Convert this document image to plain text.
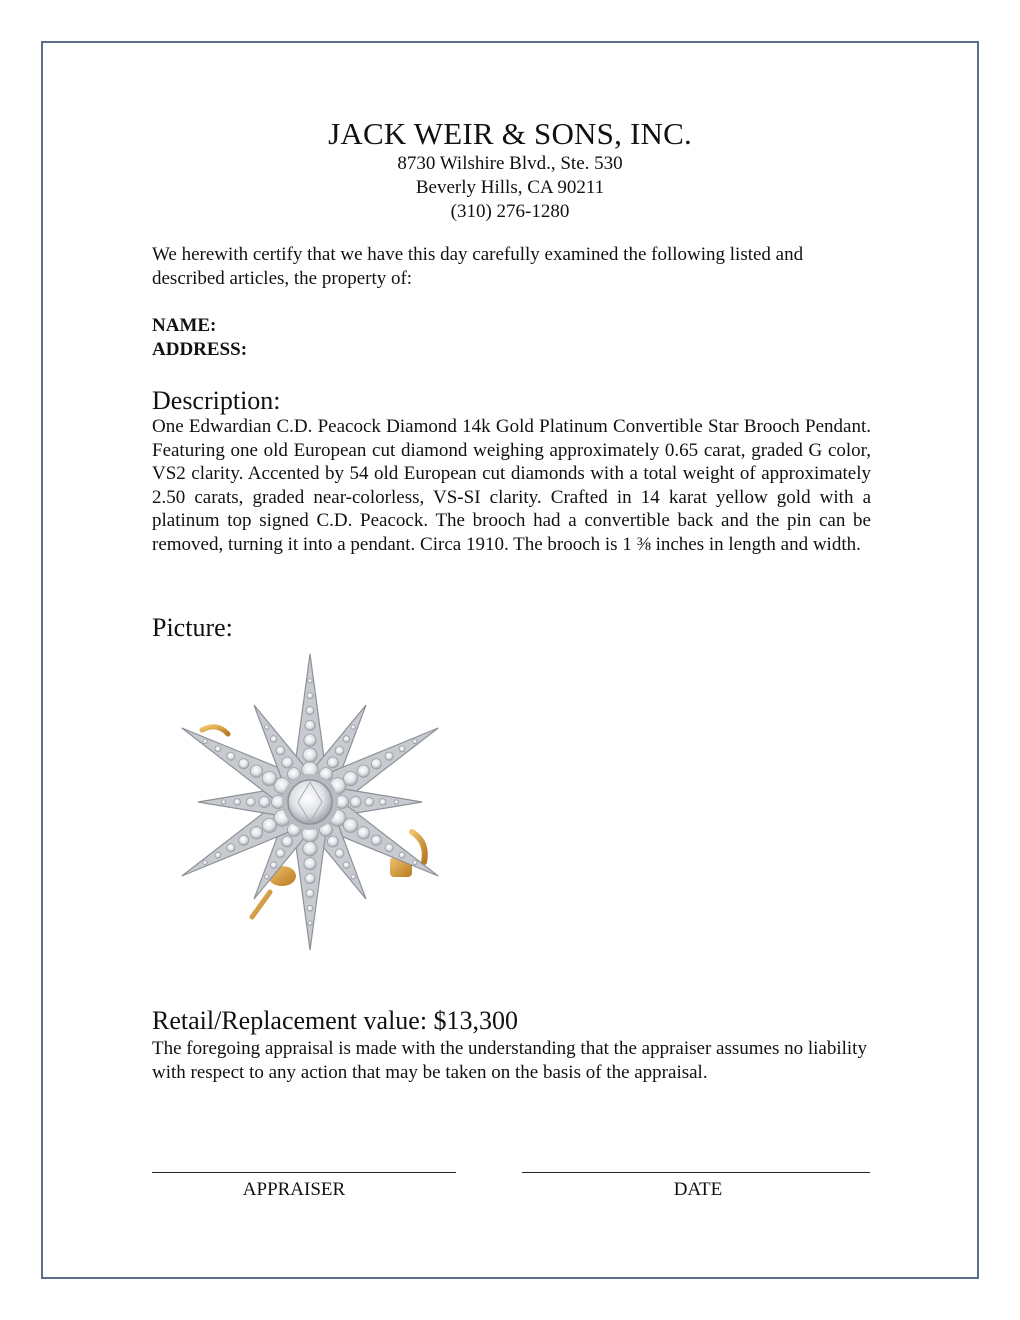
JACK WEIR & SONS, INC.
8730 Wilshire Blvd., Ste. 530
Beverly Hills, CA 90211
(310) 276-1280
We herewith certify that we have this day carefully examined the following listed and described articles, the property of:
NAME:
ADDRESS:
Description:
One Edwardian C.D. Peacock Diamond 14k Gold Platinum Convertible Star Brooch Pendant. Featuring one old European cut diamond weighing approximately 0.65 carat, graded G color, VS2 clarity. Accented by 54 old European cut diamonds with a total weight of approximately 2.50 carats, graded near-colorless, VS-SI clarity. Crafted in 14 karat yellow gold with a platinum top signed C.D. Peacock. The brooch had a convertible back and the pin can be removed, turning it into a pendant. Circa 1910. The brooch is 1 ⅜ inches in length and width.
Picture:
Retail/Replacement value: $13,300
The foregoing appraisal is made with the understanding that the appraiser assumes no liability with respect to any action that may be taken on the basis of the appraisal.
APPRAISER	DATE
